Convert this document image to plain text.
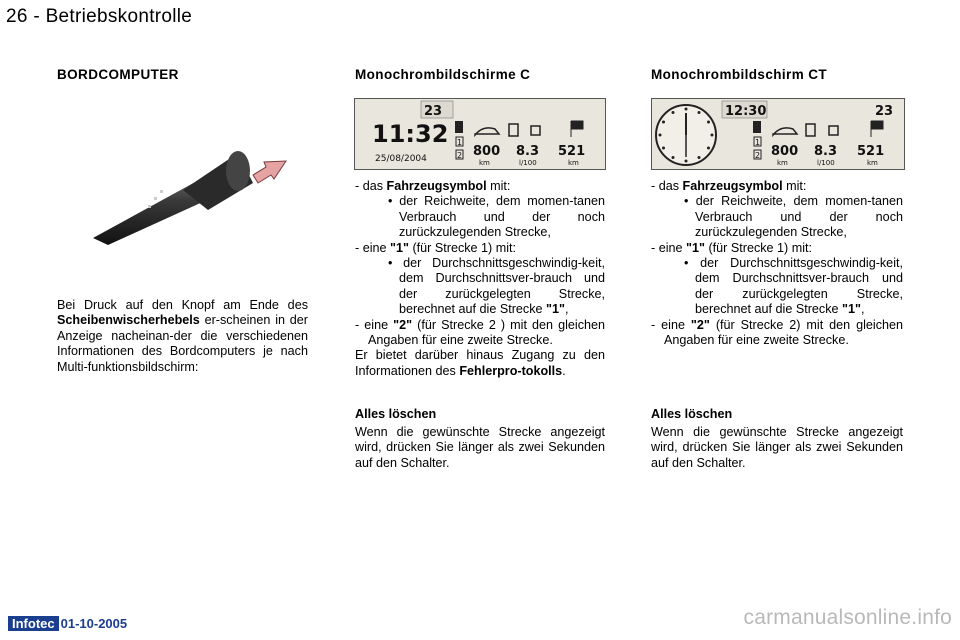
26 - Betriebskontrolle
BORDCOMPUTER
Bei Druck auf den Knopf am Ende des Scheibenwischerhebels er-scheinen in der Anzeige nacheinan-der die verschiedenen Informationen des Bordcomputers je nach Multi-funktionsbildschirm:
Monochrombildschirme C
23
11:32
25/08/2004
1
2 800 8.3 521
km	l/100	km
- das Fahrzeugsymbol mit:
• der Reichweite, dem momen-tanen Verbrauch und der noch zurückzulegenden Strecke,
- eine "1" (für Strecke 1) mit:
• der Durchschnittsgeschwindig-keit, dem Durchschnittsver-brauch und der zurückgelegten Strecke, berechnet auf die Strecke "1",
- eine "2" (für Strecke 2 ) mit den gleichen Angaben für eine zweite Strecke.
Er bietet darüber hinaus Zugang zu den Informationen des Fehlerpro-tokolls.
Alles löschen
Wenn die gewünschte Strecke angezeigt wird, drücken Sie länger als zwei Sekunden auf den Schalter.
Monochrombildschirm CT
12:30	23
1
2 800 8.3 521
km	l/100	km
- das Fahrzeugsymbol mit:
• der Reichweite, dem momen-tanen Verbrauch und der noch zurückzulegenden Strecke,
- eine "1" (für Strecke 1) mit:
• der Durchschnittsgeschwindig-keit, dem Durchschnittsver-brauch und der zurückgelegten Strecke, berechnet auf die Strecke "1",
- eine "2" (für Strecke 2) mit den gleichen Angaben für eine zweite Strecke.
Alles löschen
Wenn die gewünschte Strecke angezeigt wird, drücken Sie länger als zwei Sekunden auf den Schalter.
Infotec 01-10-2005	carmanualsonline.info
